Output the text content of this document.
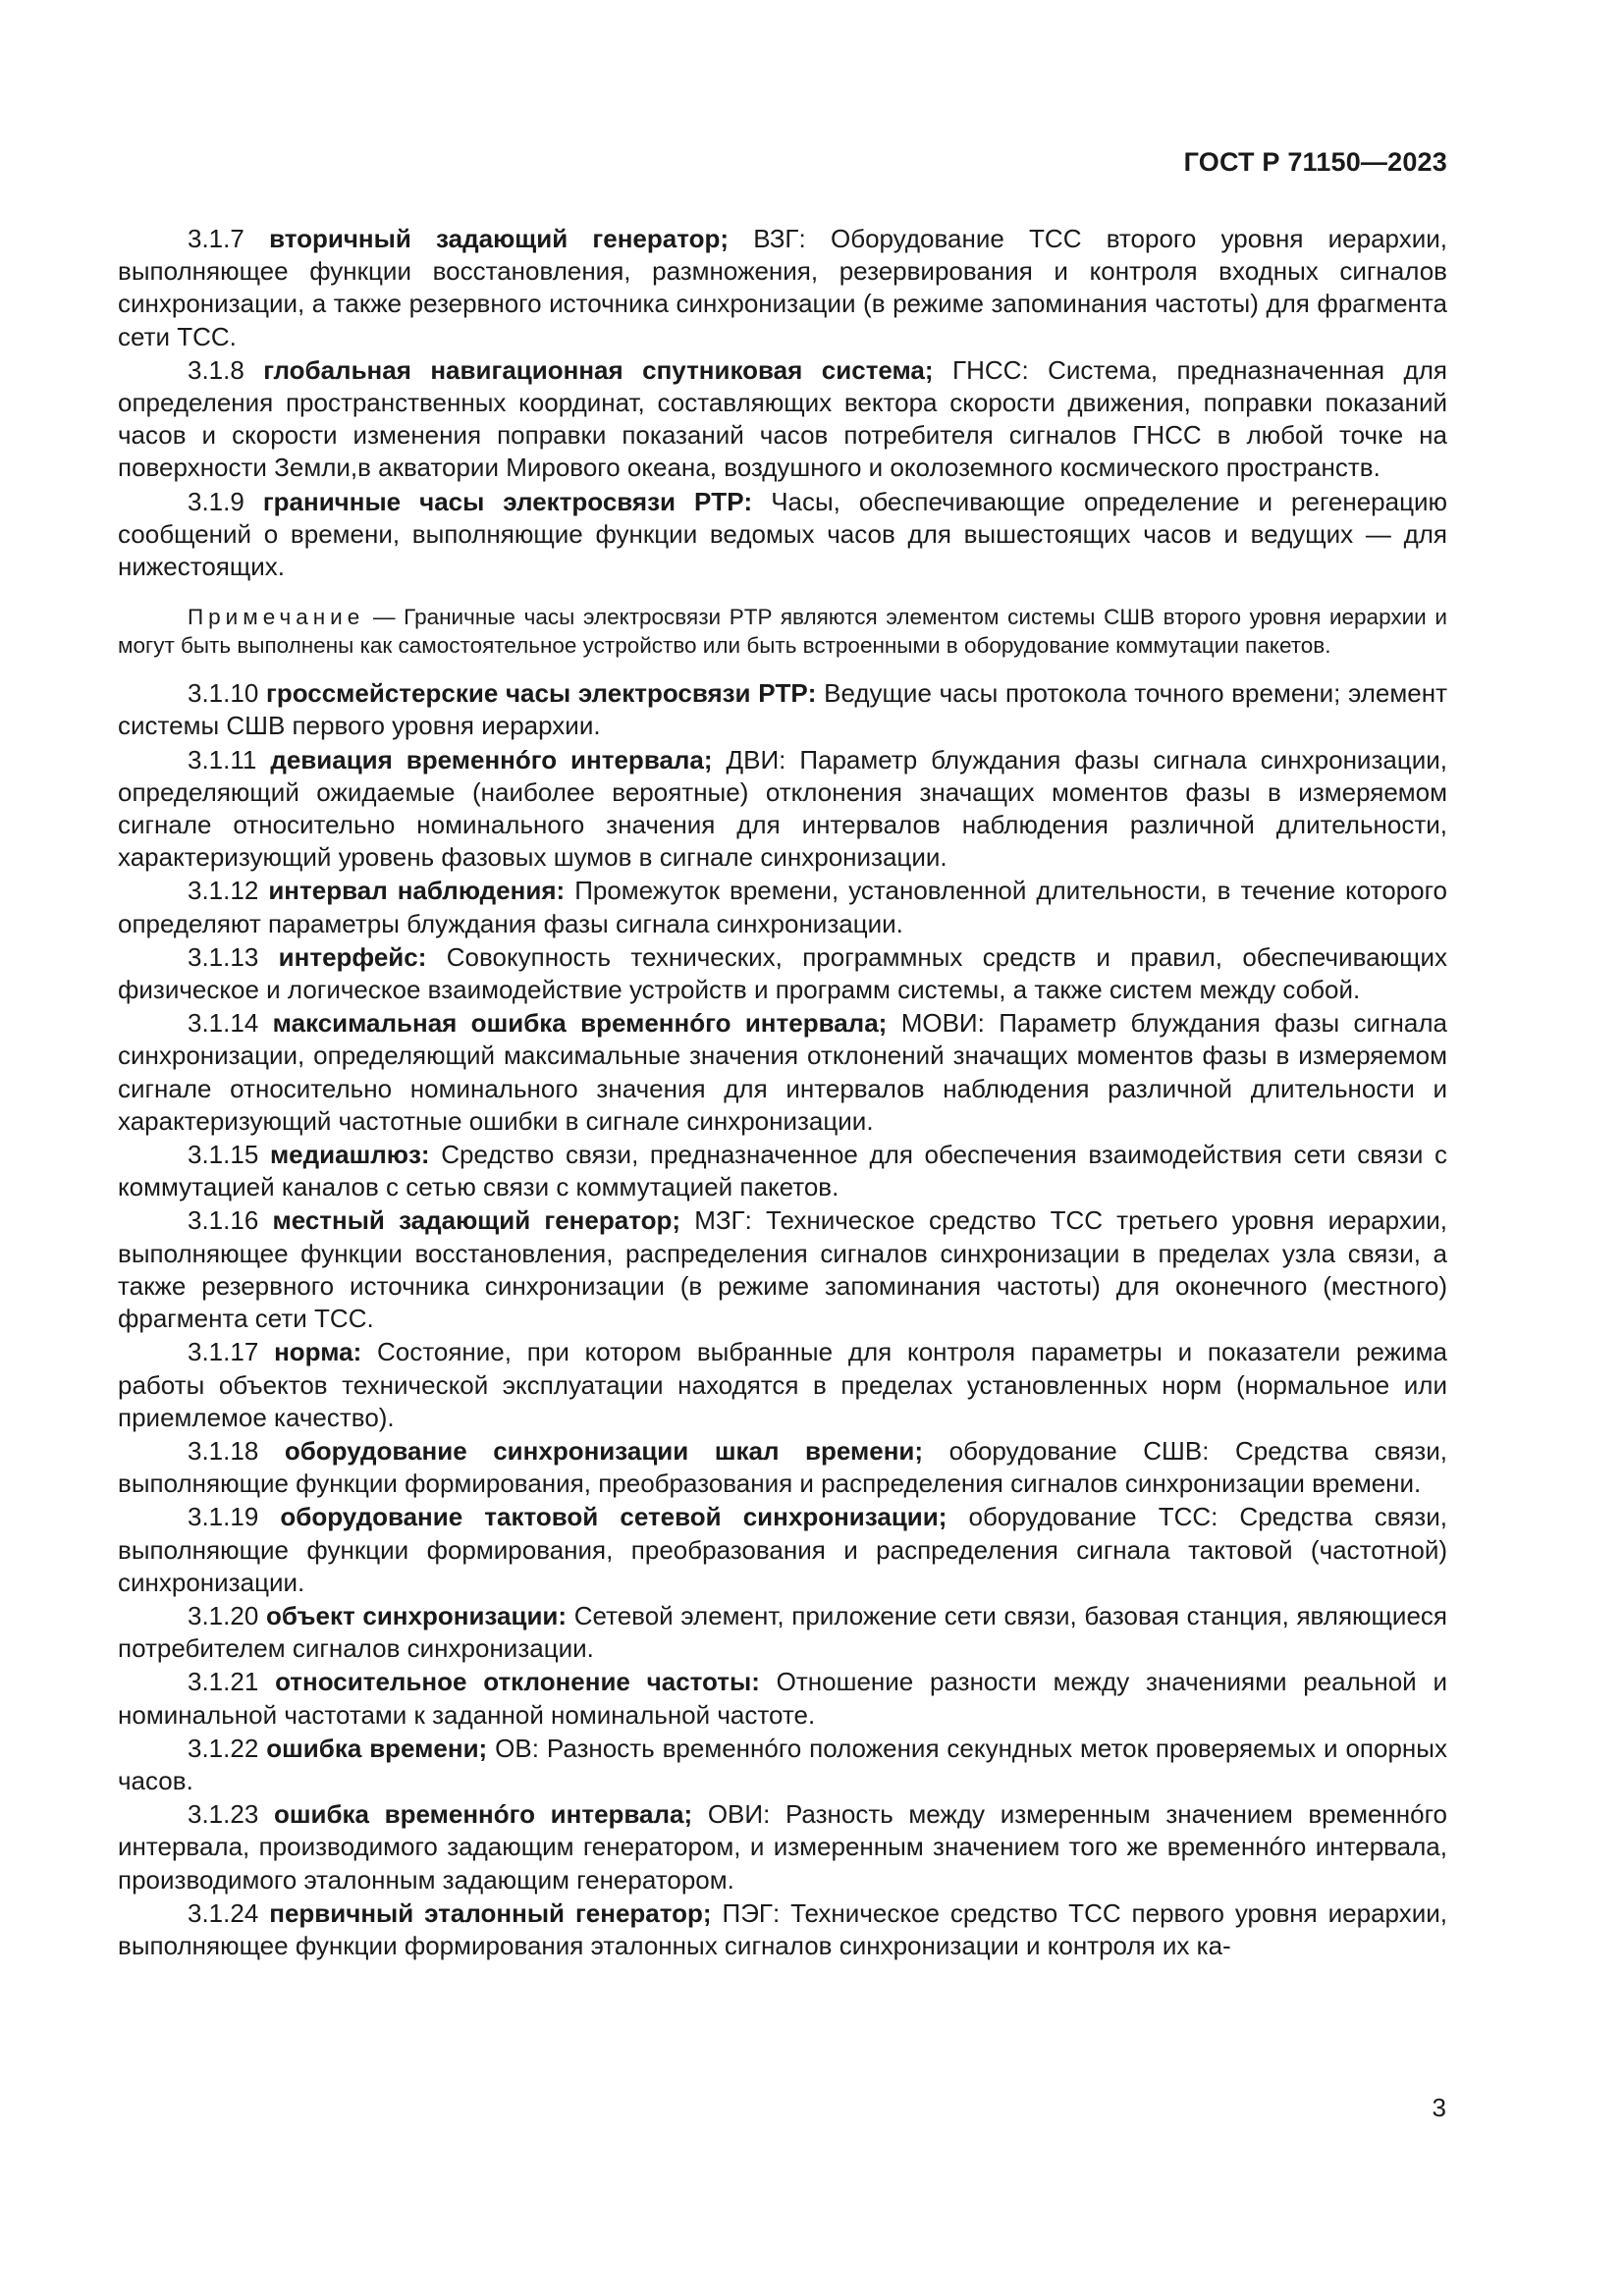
ГОСТ Р 71150—2023

3.1.7 вторичный задающий генератор; ВЗГ: Оборудование ТСС второго уровня иерархии, выполняющее функции восстановления, размножения, резервирования и контроля входных сигналов синхронизации, а также резервного источника синхронизации (в режиме запоминания частоты) для фрагмента сети ТСС.

3.1.8 глобальная навигационная спутниковая система; ГНСС: Система, предназначенная для определения пространственных координат, составляющих вектора скорости движения, поправки показаний часов и скорости изменения поправки показаний часов потребителя сигналов ГНСС в любой точке на поверхности Земли,в акватории Мирового океана, воздушного и околоземного космического пространств.

3.1.9 граничные часы электросвязи PTP: Часы, обеспечивающие определение и регенерацию сообщений о времени, выполняющие функции ведомых часов для вышестоящих часов и ведущих — для нижестоящих.

Примечание — Граничные часы электросвязи PTP являются элементом системы СШВ второго уровня иерархии и могут быть выполнены как самостоятельное устройство или быть встроенными в оборудование коммутации пакетов.

3.1.10 гроссмейстерские часы электросвязи PTP: Ведущие часы протокола точного времени; элемент системы СШВ первого уровня иерархии.

3.1.11 девиация временнóго интервала; ДВИ: Параметр блуждания фазы сигнала синхронизации, определяющий ожидаемые (наиболее вероятные) отклонения значащих моментов фазы в измеряемом сигнале относительно номинального значения для интервалов наблюдения различной длительности, характеризующий уровень фазовых шумов в сигнале синхронизации.

3.1.12 интервал наблюдения: Промежуток времени, установленной длительности, в течение которого определяют параметры блуждания фазы сигнала синхронизации.

3.1.13 интерфейс: Совокупность технических, программных средств и правил, обеспечивающих физическое и логическое взаимодействие устройств и программ системы, а также систем между собой.

3.1.14 максимальная ошибка временнóго интервала; МОВИ: Параметр блуждания фазы сигнала синхронизации, определяющий максимальные значения отклонений значащих моментов фазы в измеряемом сигнале относительно номинального значения для интервалов наблюдения различной длительности и характеризующий частотные ошибки в сигнале синхронизации.

3.1.15 медиашлюз: Средство связи, предназначенное для обеспечения взаимодействия сети связи с коммутацией каналов с сетью связи с коммутацией пакетов.

3.1.16 местный задающий генератор; МЗГ: Техническое средство ТСС третьего уровня иерархии, выполняющее функции восстановления, распределения сигналов синхронизации в пределах узла связи, а также резервного источника синхронизации (в режиме запоминания частоты) для оконечного (местного) фрагмента сети ТСС.

3.1.17 норма: Состояние, при котором выбранные для контроля параметры и показатели режима работы объектов технической эксплуатации находятся в пределах установленных норм (нормальное или приемлемое качество).

3.1.18 оборудование синхронизации шкал времени; оборудование СШВ: Средства связи, выполняющие функции формирования, преобразования и распределения сигналов синхронизации времени.

3.1.19 оборудование тактовой сетевой синхронизации; оборудование ТСС: Средства связи, выполняющие функции формирования, преобразования и распределения сигнала тактовой (частотной) синхронизации.

3.1.20 объект синхронизации: Сетевой элемент, приложение сети связи, базовая станция, являющиеся потребителем сигналов синхронизации.

3.1.21 относительное отклонение частоты: Отношение разности между значениями реальной и номинальной частотами к заданной номинальной частоте.

3.1.22 ошибка времени; ОВ: Разность временнóго положения секундных меток проверяемых и опорных часов.

3.1.23 ошибка временнóго интервала; ОВИ: Разность между измеренным значением временнóго интервала, производимого задающим генератором, и измеренным значением того же временнóго интервала, производимого эталонным задающим генератором.

3.1.24 первичный эталонный генератор; ПЭГ: Техническое средство ТСС первого уровня иерархии, выполняющее функции формирования эталонных сигналов синхронизации и контроля их ка-

3
